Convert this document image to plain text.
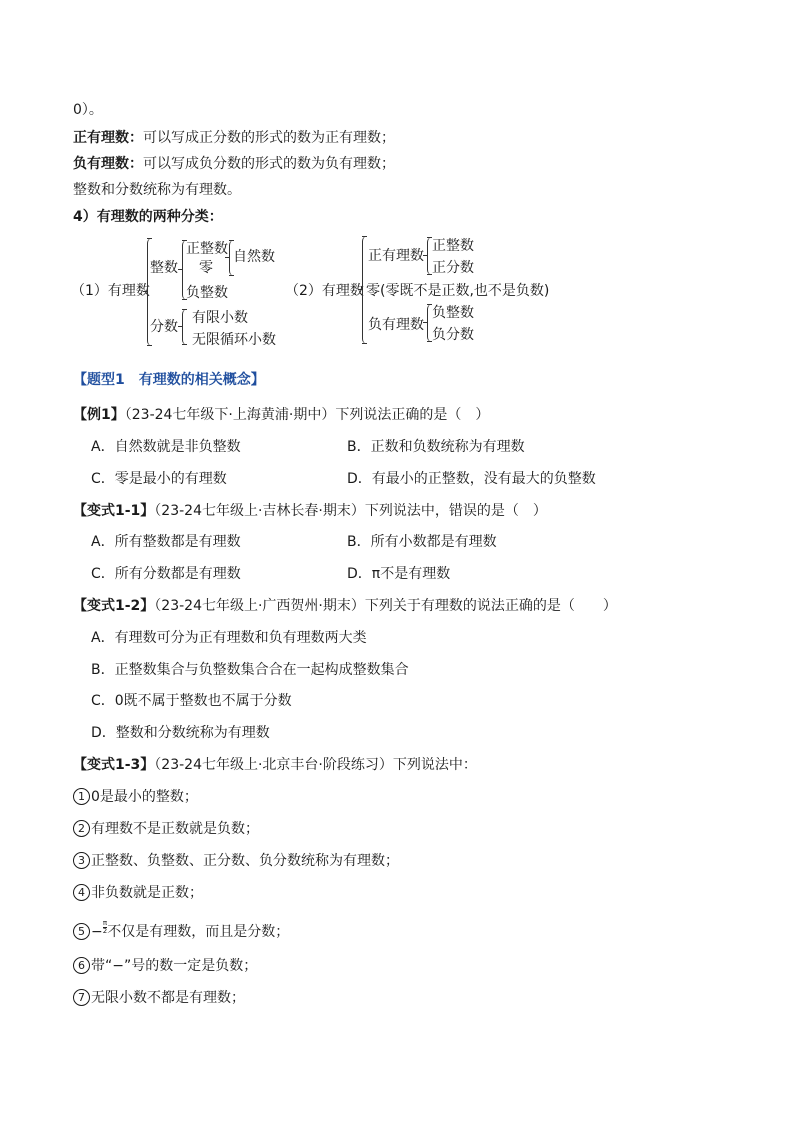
0）。
正有理数：可以写成正分数的形式的数为正有理数；
负有理数：可以写成负分数的形式的数为负有理数；
整数和分数统称为有理数。
4）有理数的两种分类：
（1）有理数
整数
正整数
零
自然数
负整数
分数
有限小数
无限循环小数
（2）有理数
正有理数
正整数
正分数
零(零既不是正数,也不是负数)
负有理数
负整数
负分数
【题型1　有理数的相关概念】
【例1】（23-24七年级下·上海黄浦·期中）下列说法正确的是（　）
A．自然数就是非负整数	B．正数和负数统称为有理数
C．零是最小的有理数	D．有最小的正整数，没有最大的负整数
【变式1-1】（23-24七年级上·吉林长春·期末）下列说法中，错误的是（　）
A．所有整数都是有理数	B．所有小数都是有理数
C．所有分数都是有理数	D．π不是有理数
【变式1-2】（23-24七年级上·广西贺州·期末）下列关于有理数的说法正确的是（　　）
A．有理数可分为正有理数和负有理数两大类
B．正整数集合与负整数集合合在一起构成整数集合
C．0既不属于整数也不属于分数
D．整数和分数统称为有理数
【变式1-3】（23-24七年级上·北京丰台·阶段练习）下列说法中：
1 0是最小的整数；
2 有理数不是正数就是负数；
3 正整数、负整数、正分数、负分数统称为有理数；
4 非负数就是正数；
$5 - \frac{\pi}{2}$ 不仅是有理数，而且是分数；
6 带“−”号的数一定是负数；
7 无限小数不都是有理数；
